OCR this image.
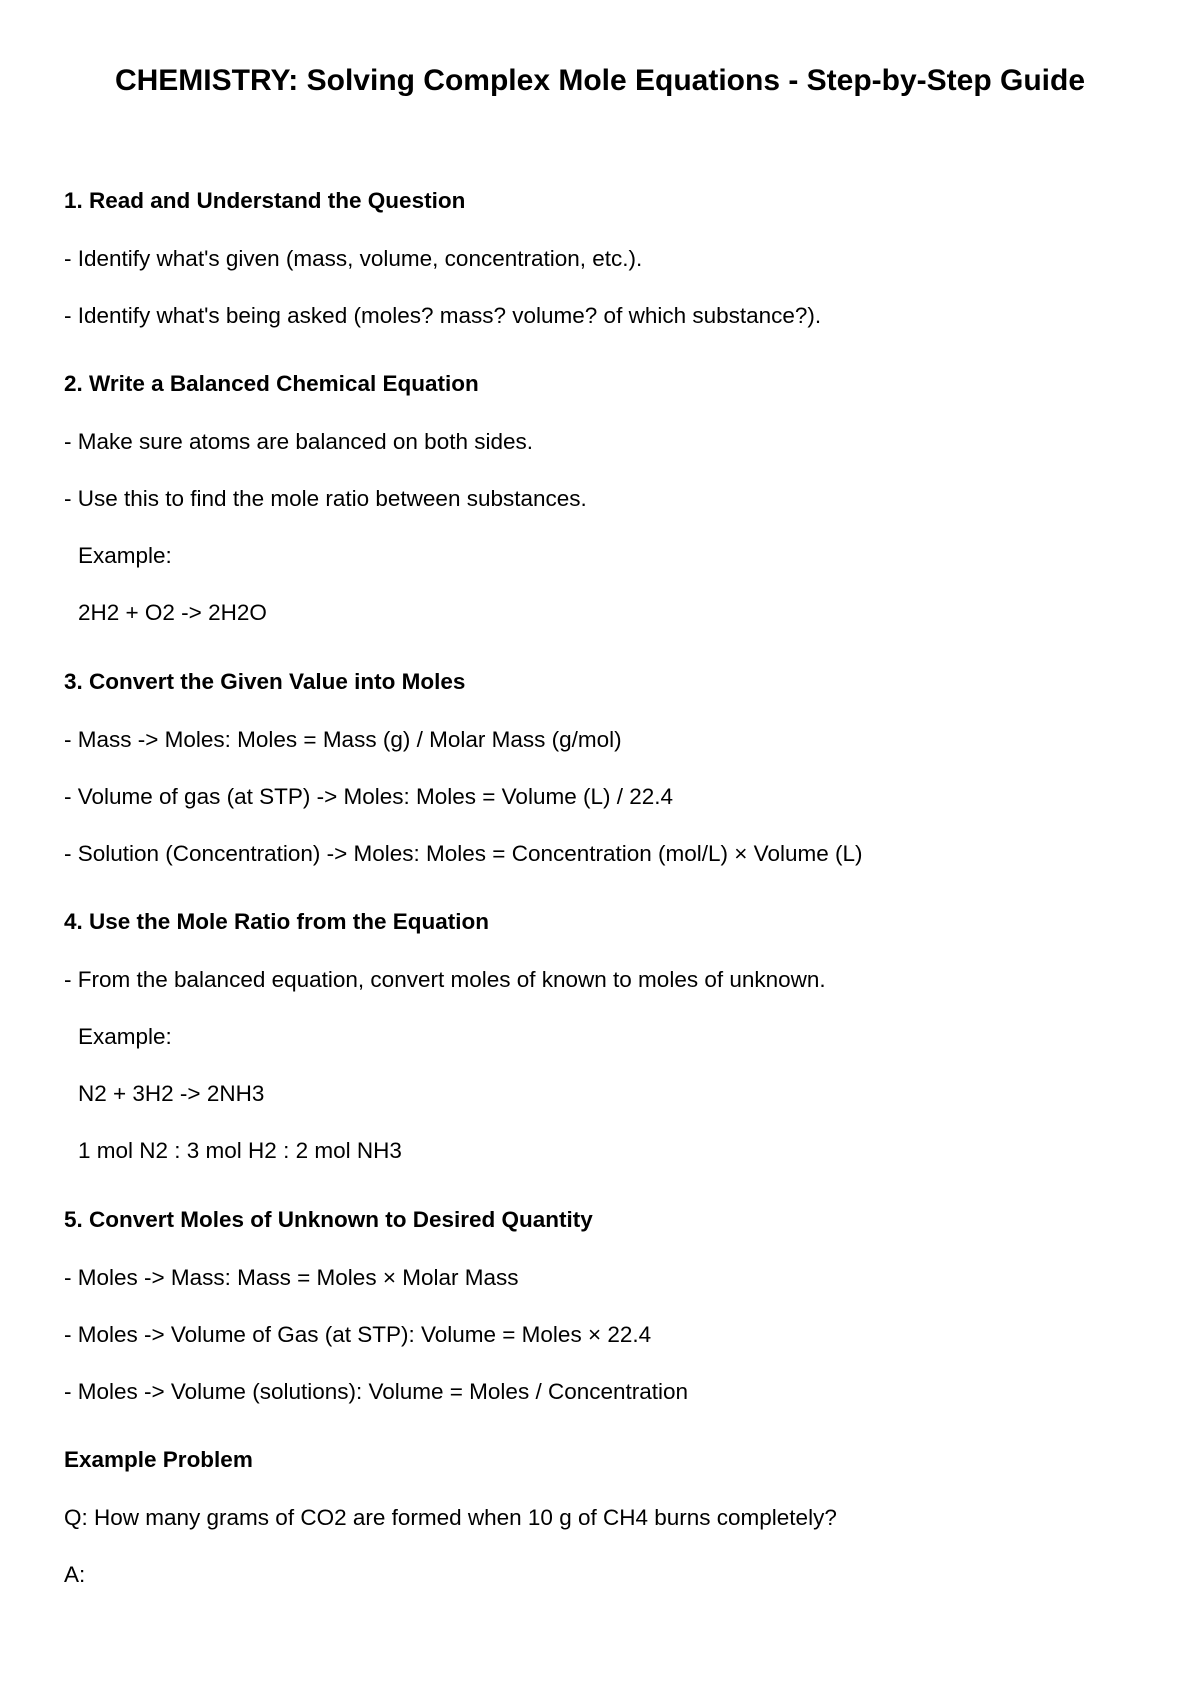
CHEMISTRY: Solving Complex Mole Equations - Step-by-Step Guide
1. Read and Understand the Question
- Identify what's given (mass, volume, concentration, etc.).
- Identify what's being asked (moles? mass? volume? of which substance?).
2. Write a Balanced Chemical Equation
- Make sure atoms are balanced on both sides.
- Use this to find the mole ratio between substances.
Example:
2H2 + O2 -> 2H2O
3. Convert the Given Value into Moles
- Mass -> Moles: Moles = Mass (g) / Molar Mass (g/mol)
- Volume of gas (at STP) -> Moles: Moles = Volume (L) / 22.4
- Solution (Concentration) -> Moles: Moles = Concentration (mol/L) × Volume (L)
4. Use the Mole Ratio from the Equation
- From the balanced equation, convert moles of known to moles of unknown.
Example:
N2 + 3H2 -> 2NH3
1 mol N2 : 3 mol H2 : 2 mol NH3
5. Convert Moles of Unknown to Desired Quantity
- Moles -> Mass: Mass = Moles × Molar Mass
- Moles -> Volume of Gas (at STP): Volume = Moles × 22.4
- Moles -> Volume (solutions): Volume = Moles / Concentration
Example Problem
Q: How many grams of CO2 are formed when 10 g of CH4 burns completely?
A:
